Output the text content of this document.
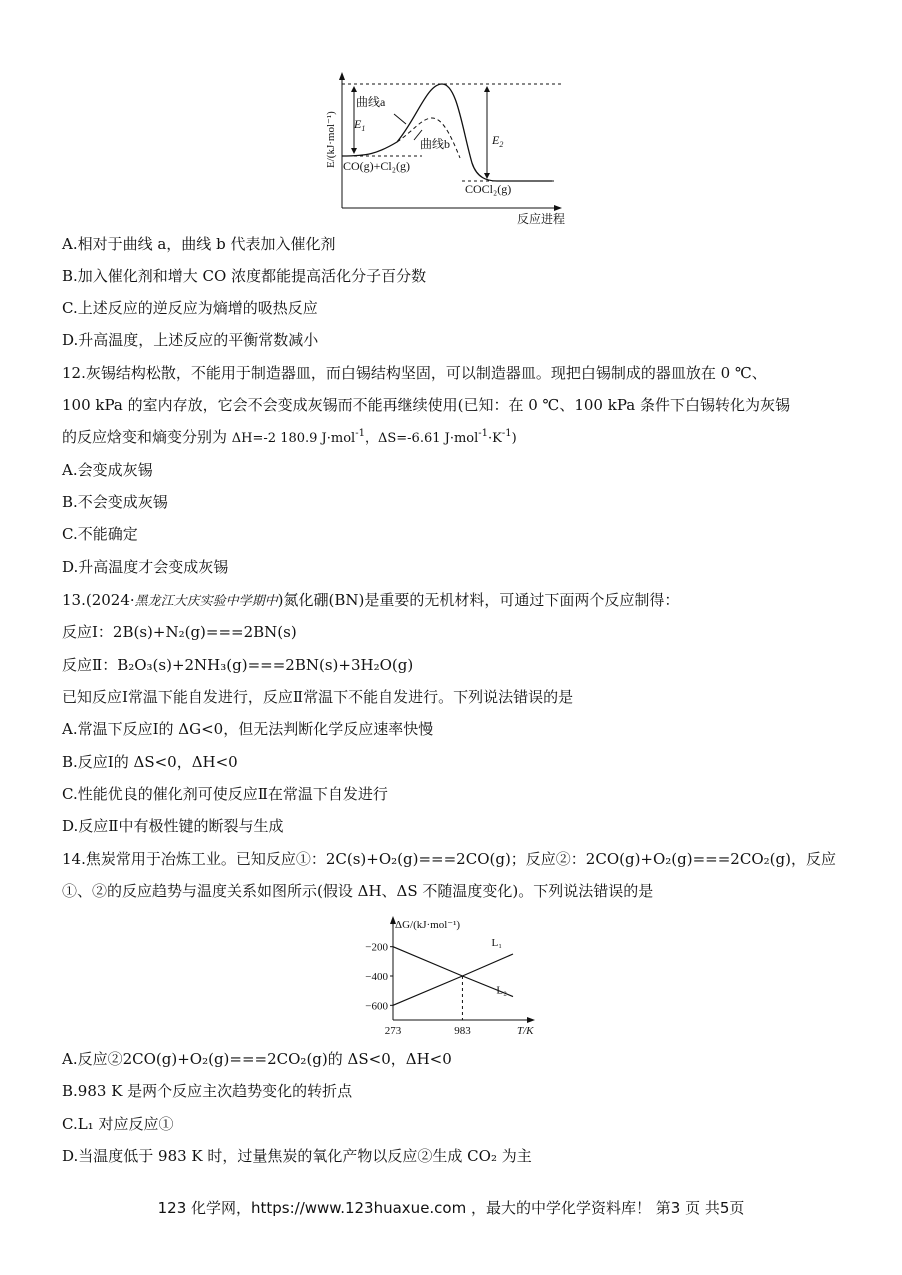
E/(kJ·mol⁻¹)
曲线a
曲线b
$E_1$
$E_2$
CO(g)+Cl₂(g)
COCl₂(g)
反应进程
A.相对于曲线 a，曲线 b 代表加入催化剂
B.加入催化剂和增大 CO 浓度都能提高活化分子百分数
C.上述反应的逆反应为熵增的吸热反应
D.升高温度，上述反应的平衡常数减小
12.灰锡结构松散，不能用于制造器皿，而白锡结构坚固，可以制造器皿。现把白锡制成的器皿放在 0 ℃、
100 kPa 的室内存放，它会不会变成灰锡而不能再继续使用(已知：在 0 ℃、100 kPa 条件下白锡转化为灰锡
的反应焓变和熵变分别为 ΔH=-2 180.9 J·mol$^{-1}$，ΔS=-6.61 $J\cdot mol^{-1}\cdot K^{-1}$)
A.会变成灰锡
B.不会变成灰锡
C.不能确定
D.升高温度才会变成灰锡
13.(2024·黑龙江大庆实验中学期中)氮化硼(BN)是重要的无机材料，可通过下面两个反应制得：
反应Ⅰ：2B(s)+N₂(g)===2BN(s)
反应Ⅱ：B₂O₃(s)+2NH₃(g)===2BN(s)+3H₂O(g)
已知反应Ⅰ常温下能自发进行，反应Ⅱ常温下不能自发进行。下列说法错误的是
A.常温下反应Ⅰ的 ΔG<0，但无法判断化学反应速率快慢
B.反应Ⅰ的 ΔS<0，ΔH<0
C.性能优良的催化剂可使反应Ⅱ在常温下自发进行
D.反应Ⅱ中有极性键的断裂与生成
14.焦炭常用于冶炼工业。已知反应①：2C(s)+O₂(g)===2CO(g)；反应②：2CO(g)+O₂(g)===2CO₂(g)，反应
①、②的反应趋势与温度关系如图所示(假设 ΔH、ΔS 不随温度变化)。下列说法错误的是
ΔG/(kJ·mol⁻¹)
T/K
−200
−400
−600
273	983
L₁
L₂
A.反应②2CO(g)+O₂(g)===2CO₂(g)的 ΔS<0，ΔH<0
B.983 K 是两个反应主次趋势变化的转折点
C.L₁ 对应反应①
D.当温度低于 983 K 时，过量焦炭的氧化产物以反应②生成 CO₂ 为主
123 化学网，https://www.123huaxue.com ，最大的中学化学资料库！ 第3 页 共5页
